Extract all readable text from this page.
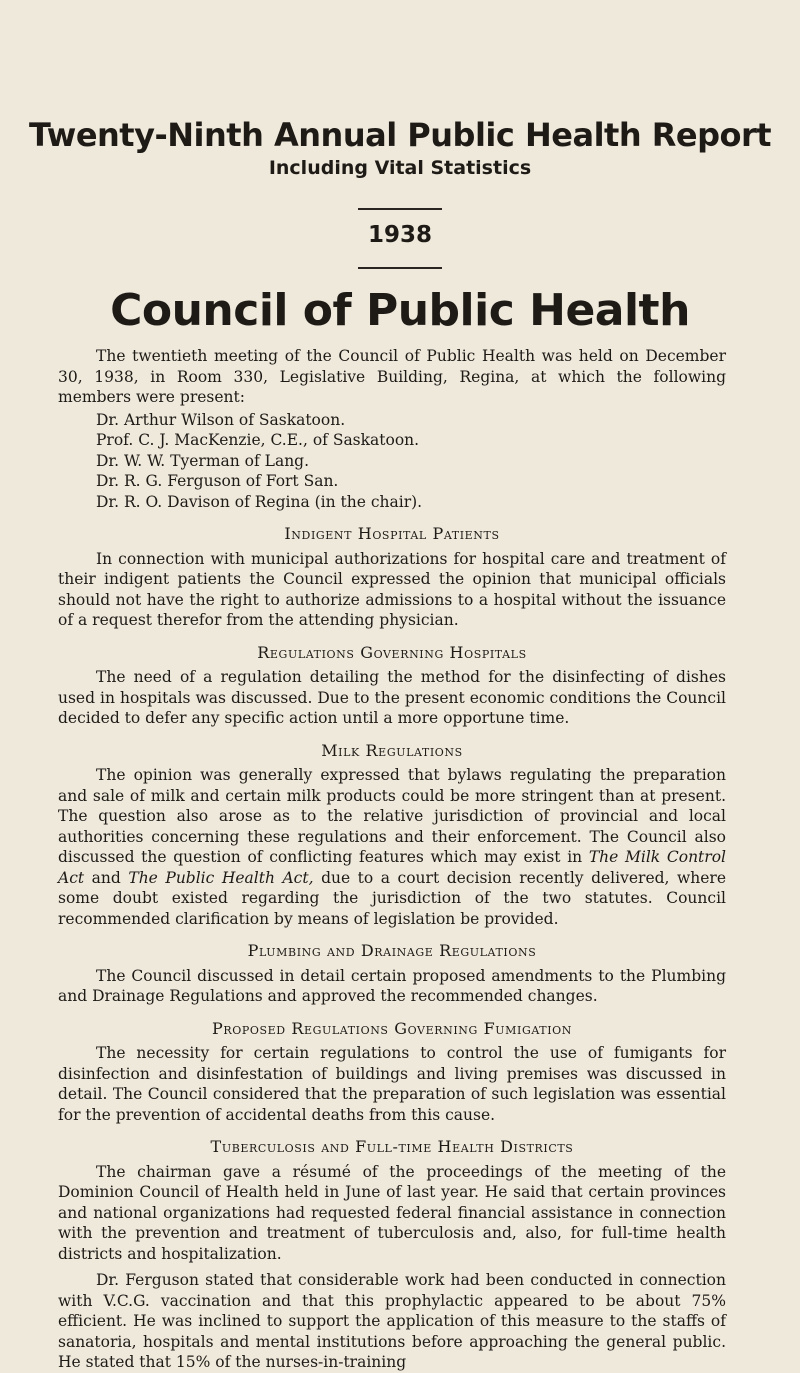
Twenty-Ninth Annual Public Health Report
Including Vital Statistics
1938
Council of Public Health

The twentieth meeting of the Council of Public Health was held on December 30, 1938, in Room 330, Legislative Building, Regina, at which the following members were present:

Dr. Arthur Wilson of Saskatoon.
Prof. C. J. MacKenzie, C.E., of Saskatoon.
Dr. W. W. Tyerman of Lang.
Dr. R. G. Ferguson of Fort San.
Dr. R. O. Davison of Regina (in the chair).
Indigent Hospital Patients

In connection with municipal authorizations for hospital care and treatment of their indigent patients the Council expressed the opinion that municipal officials should not have the right to authorize admissions to a hospital without the issuance of a request therefor from the attending physician.

Regulations Governing Hospitals

The need of a regulation detailing the method for the disinfecting of dishes used in hospitals was discussed. Due to the present economic conditions the Council decided to defer any specific action until a more opportune time.

Milk Regulations

The opinion was generally expressed that bylaws regulating the preparation and sale of milk and certain milk products could be more stringent than at present. The question also arose as to the relative jurisdiction of provincial and local authorities concerning these regulations and their enforcement. The Council also discussed the question of conflicting features which may exist in The Milk Control Act and The Public Health Act, due to a court decision recently delivered, where some doubt existed regarding the jurisdiction of the two statutes. Council recommended clarification by means of legislation be provided.

Plumbing and Drainage Regulations

The Council discussed in detail certain proposed amendments to the Plumbing and Drainage Regulations and approved the recommended changes.

Proposed Regulations Governing Fumigation

The necessity for certain regulations to control the use of fumigants for disinfection and disinfestation of buildings and living premises was discussed in detail. The Council considered that the preparation of such legislation was essential for the prevention of accidental deaths from this cause.

Tuberculosis and Full-time Health Districts

The chairman gave a résumé of the proceedings of the meeting of the Dominion Council of Health held in June of last year. He said that certain provinces and national organizations had requested federal financial assistance in connection with the prevention and treatment of tuberculosis and, also, for full-time health districts and hospitalization.

Dr. Ferguson stated that considerable work had been conducted in connection with V.C.G. vaccination and that this prophylactic appeared to be about 75% efficient. He was inclined to support the application of this measure to the staffs of sanatoria, hospitals and mental institutions before approaching the general public. He stated that 15% of the nurses-in-training
